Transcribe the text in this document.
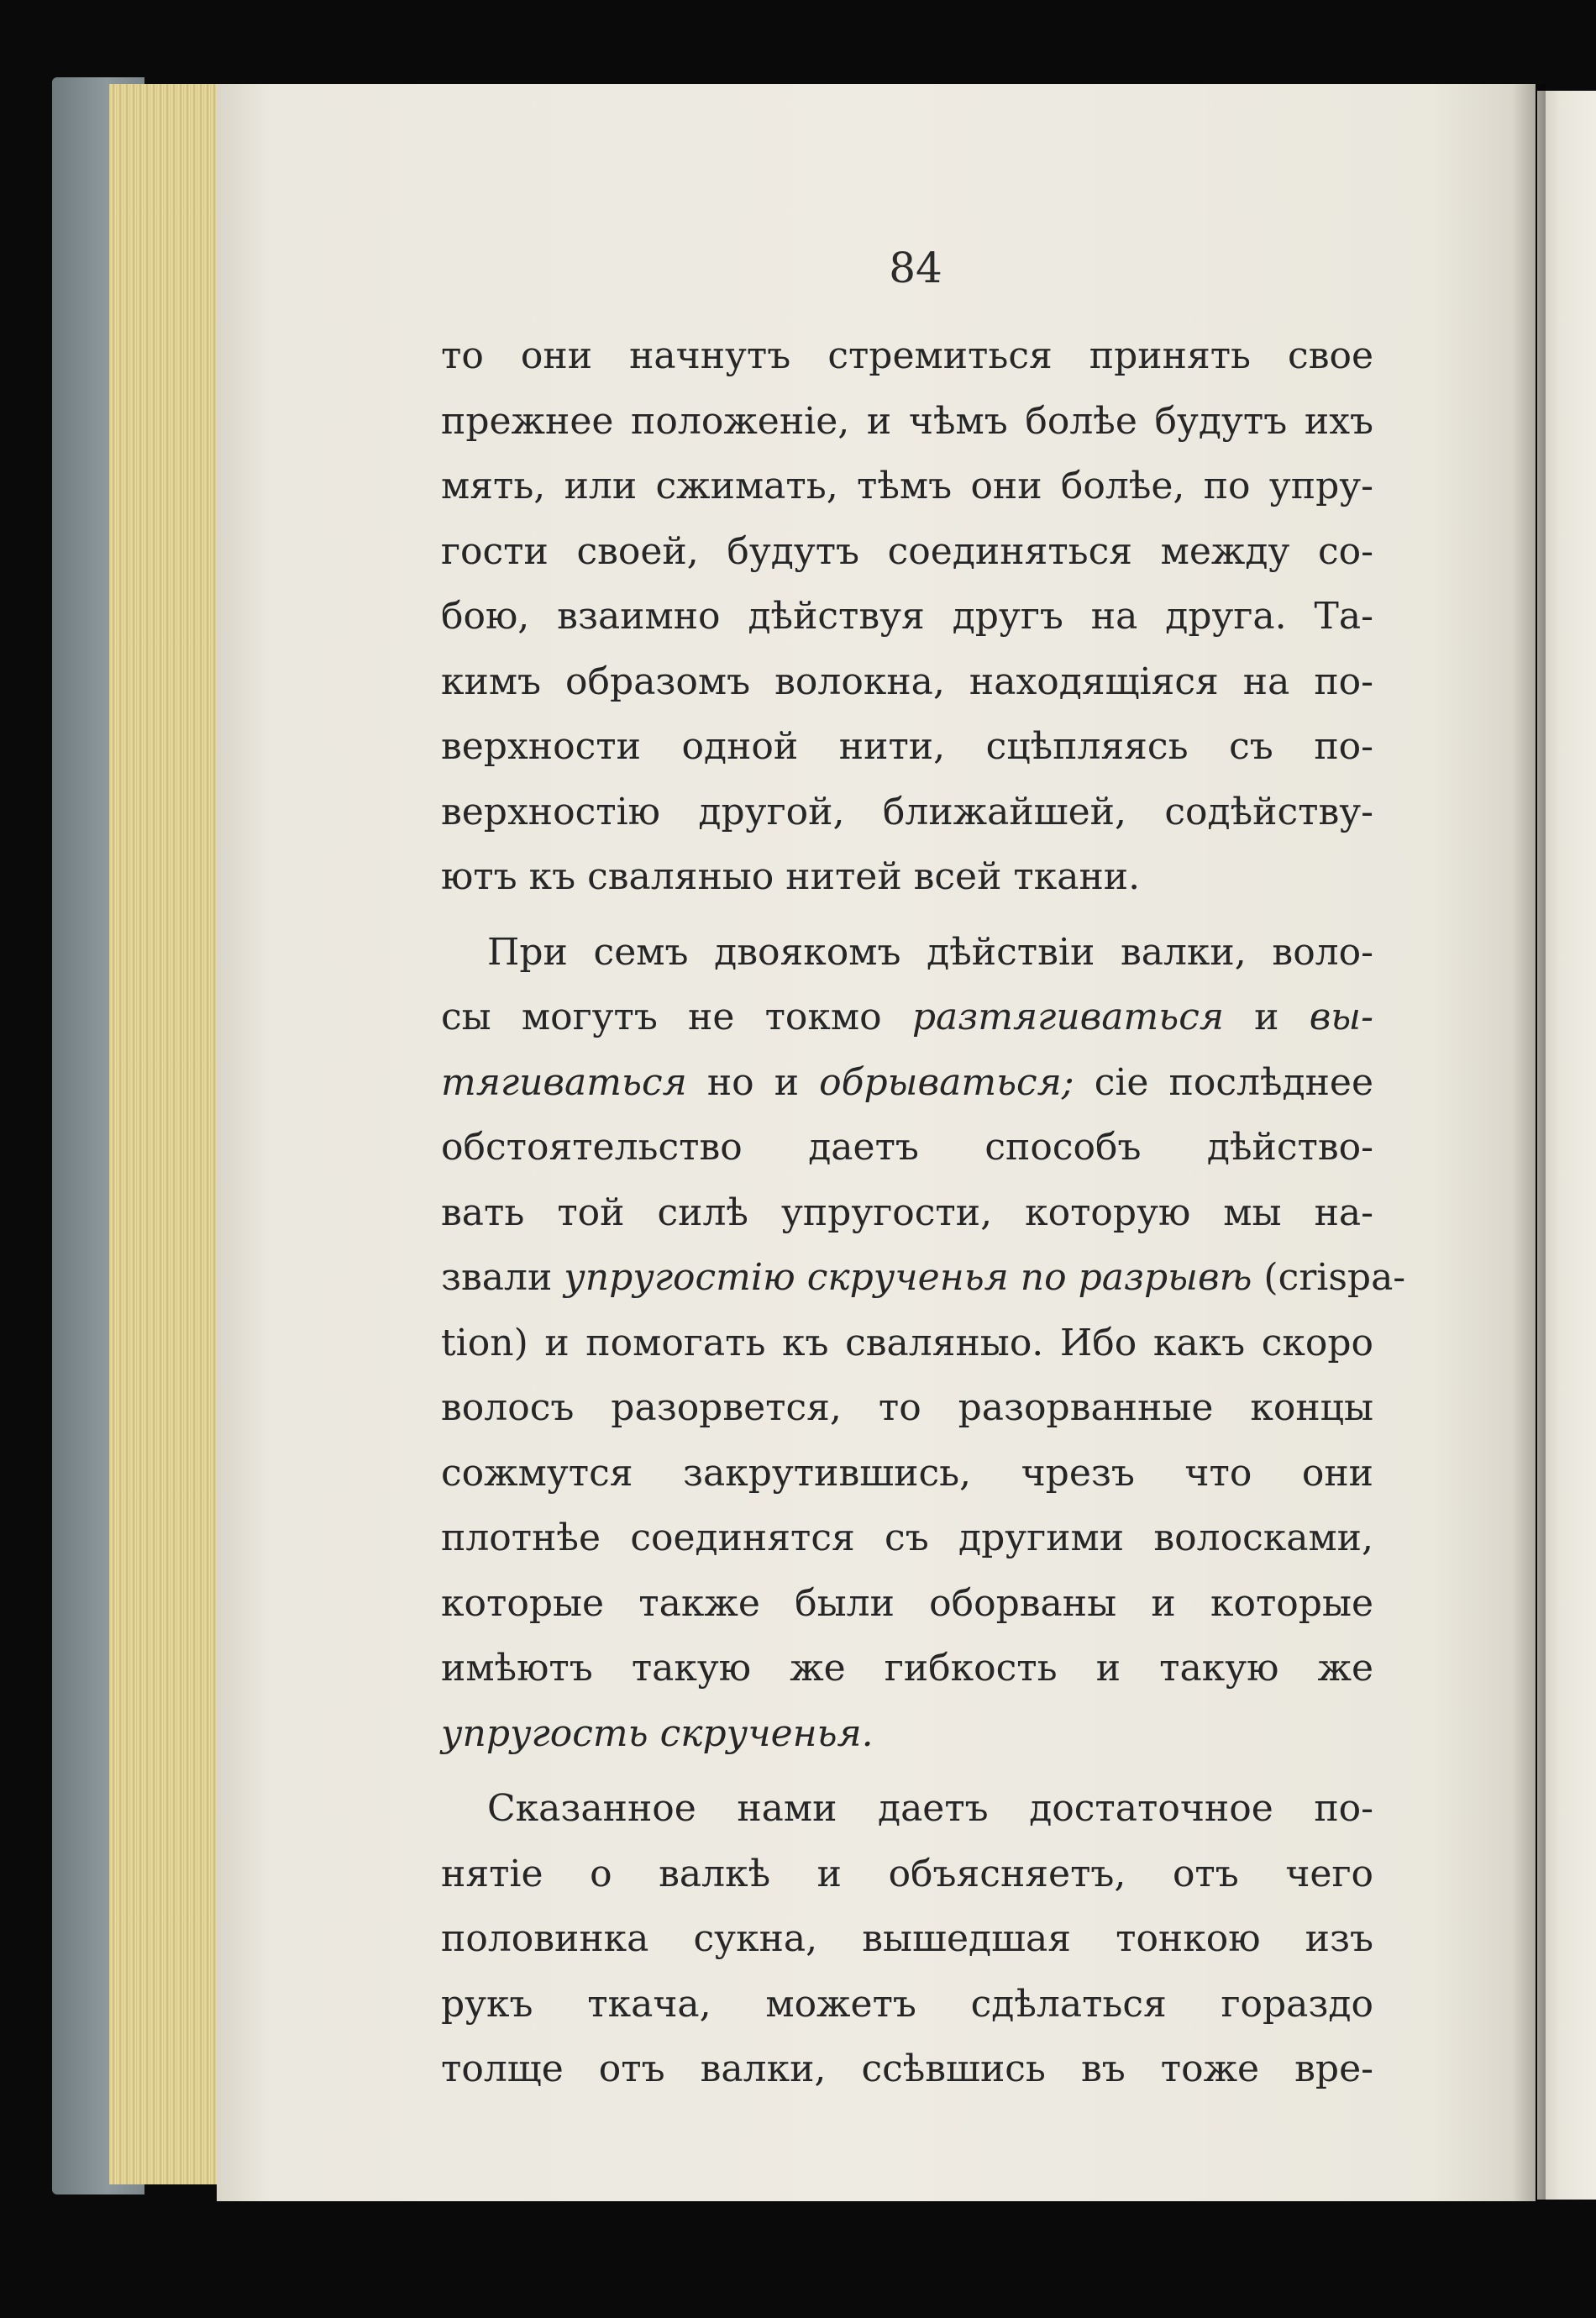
84
то они начнутъ стремиться принять свое
прежнее положеніе, и чѣмъ болѣе будутъ ихъ
мять, или сжимать, тѣмъ они болѣе, по упру-
гости своей, будутъ соединяться между со-
бою, взаимно дѣйствуя другъ на друга. Та-
кимъ образомъ волокна, находящіяся на по-
верхности одной нити, сцѣпляясь съ по-
верхностію другой, ближайшей, содѣйству-
ютъ къ сваляныо нитей всей ткани.
При семъ двоякомъ дѣйствіи валки, воло-
сы могутъ не токмо разтягиваться и вы-
тягиваться но и обрываться; сіе послѣднее
обстоятельство даетъ способъ дѣйство-
вать той силѣ упругости, которую мы на-
звали упругостію скрученья по разрывѣ (crispa-
tion) и помогать къ сваляныо. Ибо какъ скоро
волосъ разорвется, то разорванные концы
сожмутся закрутившись, чрезъ что они
плотнѣе соединятся съ другими волосками,
которые также были оборваны и которые
имѣютъ такую же гибкость и такую же
упругость скрученья.
Сказанное нами даетъ достаточное по-
нятіе о валкѣ и объясняетъ, отъ чего
половинка сукна, вышедшая тонкою изъ
рукъ ткача, можетъ сдѣлаться гораздо
толще отъ валки, ссѣвшись въ тоже вре-
